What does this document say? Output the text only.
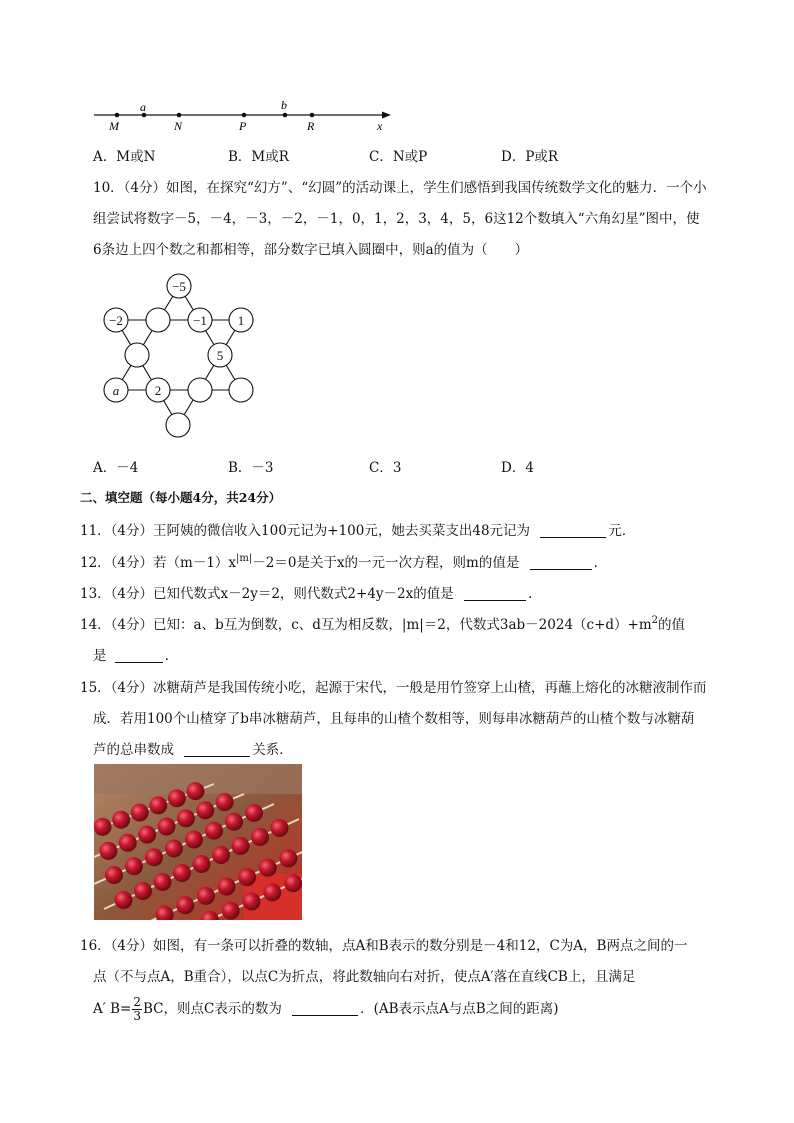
M	N	P	R	x
a	b
A．M或N	B．M或R	C．N或P	D．P或R
10．（4分）如图，在探究“幻方”、“幻圆”的活动课上，学生们感悟到我国传统数学文化的魅力．一个小
组尝试将数字－5，－4，－3，－2，－1，0，1，2，3，4，5，6这12个数填入“六角幻星”图中，使
6条边上四个数之和都相等，部分数字已填入圆圈中，则a的值为（　　）
−5
−2	−1 1
5
a	2
A．－4	B．－3	C．3	D．4
二、填空题（每小题4分，共24分）
11．（4分）王阿姨的微信收入100元记为+100元，她去买菜支出48元记为	元．
12．（4分）若$(m-1)x^{|m|}-2=0$是关于x的一元一次方程，则m的值是	．
13．（4分）已知代数式x－2y＝2，则代数式2+4y－2x的值是	．
14．（4分）已知：a、b互为倒数，c、d互为相反数，|m|＝2，代数式$3ab-2024(c+d)+m^2$的值
是	．
15．（4分）冰糖葫芦是我国传统小吃，起源于宋代，一般是用竹签穿上山楂，再蘸上熔化的冰糖液制作而
成．若用100个山楂穿了b串冰糖葫芦，且每串的山楂个数相等，则每串冰糖葫芦的山楂个数与冰糖葫
芦的总串数成	关系．
16．（4分）如图，有一条可以折叠的数轴，点A和B表示的数分别是－4和12，C为A，B两点之间的一
点（不与点A，B重合），以点C为折点，将此数轴向右对折，使点A′落在直线CB上，且满足
A′ $B= \frac{2}{3}$ BC，则点C表示的数为	．(AB表示点A与点B之间的距离)
